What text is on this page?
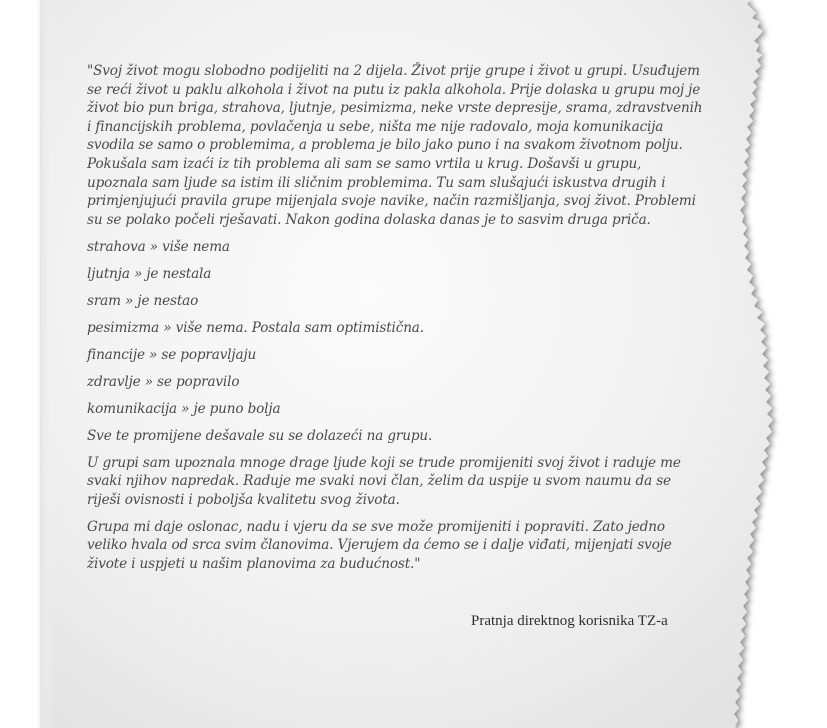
"Svoj život mogu slobodno podijeliti na 2 dijela. Život prije grupe i život u grupi. Usuđujem se reći život u paklu alkohola i život na putu iz pakla alkohola. Prije dolaska u grupu moj je život bio pun briga, strahova, ljutnje, pesimizma, neke vrste depresije, srama, zdravstvenih i financijskih problema, povlačenja u sebe, ništa me nije radovalo, moja komunikacija svodila se samo o problemima, a problema je bilo jako puno i na svakom životnom polju. Pokušala sam izaći iz tih problema ali sam se samo vrtila u krug. Došavši u grupu, upoznala sam ljude sa istim ili sličnim problemima. Tu sam slušajući iskustva drugih i primjenjujući pravila grupe mijenjala svoje navike, način razmišljanja, svoj život. Problemi su se polako počeli rješavati. Nakon godina dolaska danas je to sasvim druga priča.

strahova » više nema

ljutnja » je nestala

sram » je nestao

pesimizma » više nema. Postala sam optimistična.

financije » se popravljaju

zdravlje » se popravilo

komunikacija » je puno bolja

Sve te promijene dešavale su se dolazeći na grupu.

U grupi sam upoznala mnoge drage ljude koji se trude promijeniti svoj život i raduje me svaki njihov napredak. Raduje me svaki novi član, želim da uspije u svom naumu da se riješi ovisnosti i poboljša kvalitetu svog života.

Grupa mi daje oslonac, nadu i vjeru da se sve može promijeniti i popraviti. Zato jedno veliko hvala od srca svim članovima. Vjerujem da ćemo se i dalje viđati, mijenjati svoje živote i uspjeti u našim planovima za budućnost."

Pratnja direktnog korisnika TZ-a
